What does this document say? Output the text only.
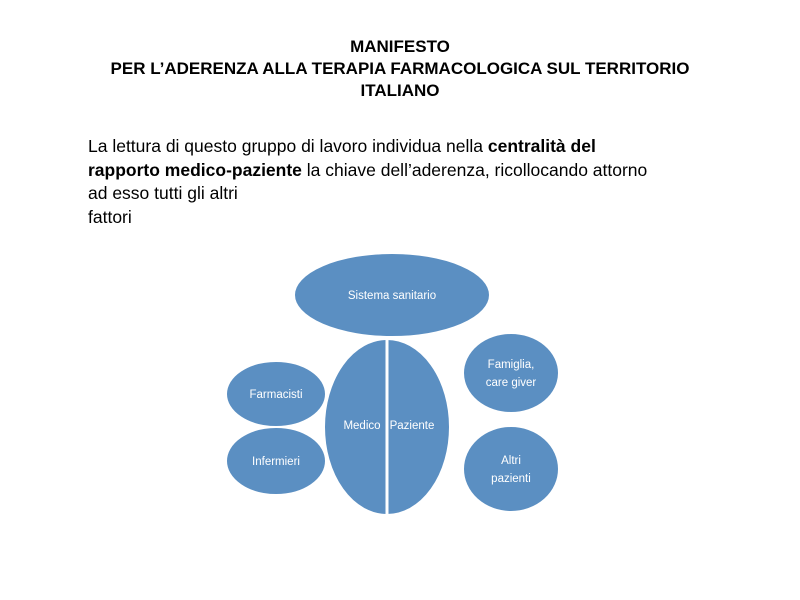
MANIFESTO
PER L’ADERENZA ALLA TERAPIA FARMACOLOGICA SUL TERRITORIO
ITALIANO
La lettura di questo gruppo di lavoro individua nella centralità del
rapporto medico-paziente la chiave dell’aderenza, ricollocando attorno
ad esso tutti gli altri
fattori
Sistema sanitario
Farmacisti
Infermieri
Medico Paziente
Famiglia,
care giver
Altri
pazienti
